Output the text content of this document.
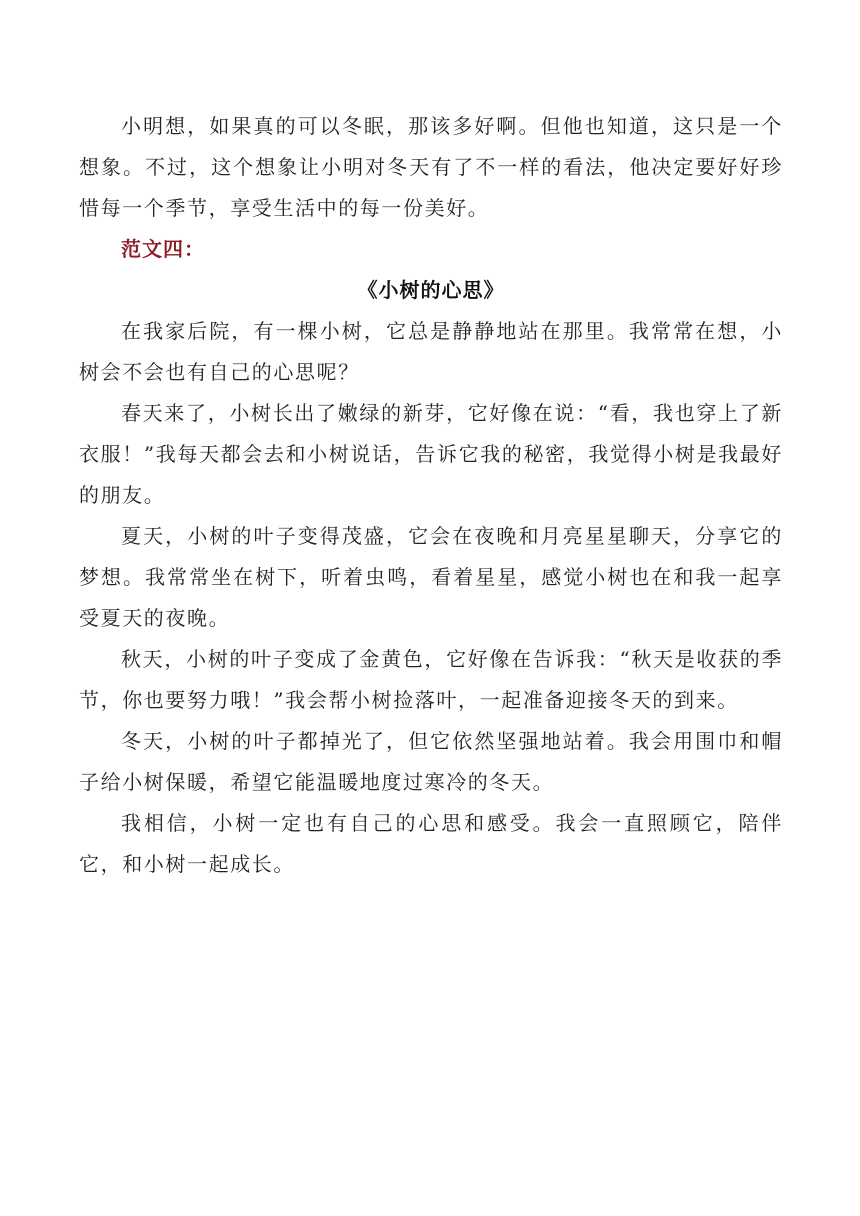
小明想，如果真的可以冬眠，那该多好啊。但他也知道，这只是一个想象。不过，这个想象让小明对冬天有了不一样的看法，他决定要好好珍惜每一个季节，享受生活中的每一份美好。

范文四：

《小树的心思》

在我家后院，有一棵小树，它总是静静地站在那里。我常常在想，小树会不会也有自己的心思呢？

春天来了，小树长出了嫩绿的新芽，它好像在说：“看，我也穿上了新衣服！”我每天都会去和小树说话，告诉它我的秘密，我觉得小树是我最好的朋友。

夏天，小树的叶子变得茂盛，它会在夜晚和月亮星星聊天，分享它的梦想。我常常坐在树下，听着虫鸣，看着星星，感觉小树也在和我一起享受夏天的夜晚。

秋天，小树的叶子变成了金黄色，它好像在告诉我：“秋天是收获的季节，你也要努力哦！”我会帮小树捡落叶，一起准备迎接冬天的到来。

冬天，小树的叶子都掉光了，但它依然坚强地站着。我会用围巾和帽子给小树保暖，希望它能温暖地度过寒冷的冬天。

我相信，小树一定也有自己的心思和感受。我会一直照顾它，陪伴它，和小树一起成长。
